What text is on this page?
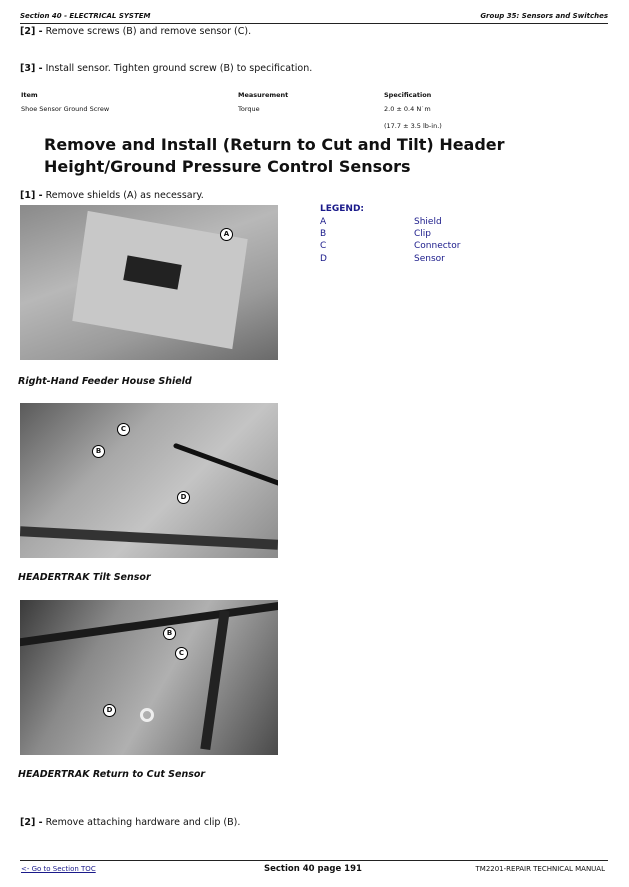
Section 40 - ELECTRICAL SYSTEM	Group 35: Sensors and Switches
[2] - Remove screws (B) and remove sensor (C).
[3] - Install sensor. Tighten ground screw (B) to specification.
Item	Measurement	Specification
Shoe Sensor Ground Screw	Torque	2.0 ± 0.4 N˙m
(17.7 ± 3.5 lb-in.)
Remove and Install (Return to Cut and Tilt) Header Height/Ground Pressure Control Sensors
[1] - Remove shields (A) as necessary.
LEGEND:
A	Shield
B	Clip
C	Connector
D	Sensor
A
Right-Hand Feeder House Shield
C
B
D
HEADERTRAK Tilt Sensor
B
C
D
HEADERTRAK Return to Cut Sensor
[2] - Remove attaching hardware and clip (B).
<- Go to Section TOC	Section 40 page 191	TM2201-REPAIR TECHNICAL MANUAL
